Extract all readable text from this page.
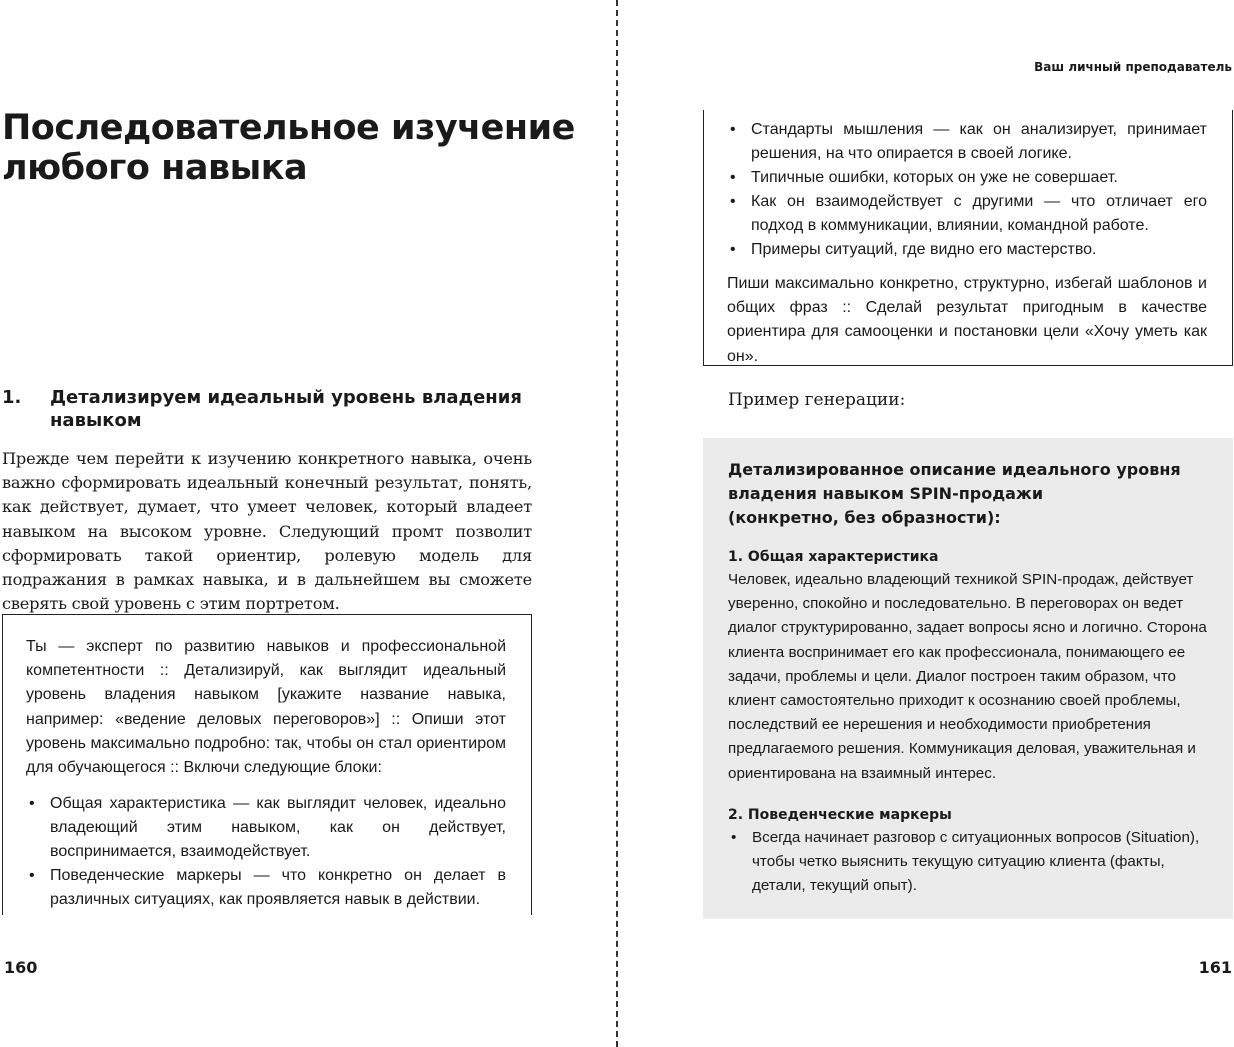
Последовательное изучение
любого навыка
1.	Детализируем идеальный уровень владения навыком

Прежде чем перейти к изучению конкретного навыка, очень важно сформировать идеальный конечный результат, понять, как действует, думает, что умеет человек, который владеет навыком на высоком уровне. Следующий промт позволит сформировать такой ориентир, ролевую модель для подражания в рамках навыка, и в дальнейшем вы сможете сверять свой уровень с этим портретом.

Ты — эксперт по развитию навыков и профессиональной компетентности :: Детализируй, как выглядит идеальный уровень владения навыком [укажите название навыка, например: «ведение деловых переговоров»] :: Опиши этот уровень максимально подробно: так, чтобы он стал ориентиром для обучающегося :: Включи следующие блоки:

• Общая характеристика — как выглядит человек, идеально владеющий этим навыком, как он действует, воспринимается, взаимодействует.
• Поведенческие маркеры — что конкретно он делает в различных ситуациях, как проявляется навык в действии.
160
Ваш личный преподаватель
• Стандарты мышления — как он анализирует, принимает решения, на что опирается в своей логике.
• Типичные ошибки, которых он уже не совершает.
• Как он взаимодействует с другими — что отличает его подход в коммуникации, влиянии, командной работе.
• Примеры ситуаций, где видно его мастерство.

Пиши максимально конкретно, структурно, избегай шаблонов и общих фраз :: Сделай результат пригодным в качестве ориентира для самооценки и постановки цели «Хочу уметь как он».

Пример генерации:

Детализированное описание идеального уровня
владения навыком SPIN-продажи
(конкретно, без образности):

1. Общая характеристика

Человек, идеально владеющий техникой SPIN-продаж, действует уверенно, спокойно и последовательно. В переговорах он ведет диалог структурированно, задает вопросы ясно и логично. Сторона клиента воспринимает его как профессионала, понимающего ее задачи, проблемы и цели. Диалог построен таким образом, что клиент самостоятельно приходит к осознанию своей проблемы, последствий ее нерешения и необходимости приобретения предлагаемого решения. Коммуникация деловая, уважительная и ориентирована на взаимный интерес.

2. Поведенческие маркеры

• Всегда начинает разговор с ситуационных вопросов (Situation), чтобы четко выяснить текущую ситуацию клиента (факты, детали, текущий опыт).
161
